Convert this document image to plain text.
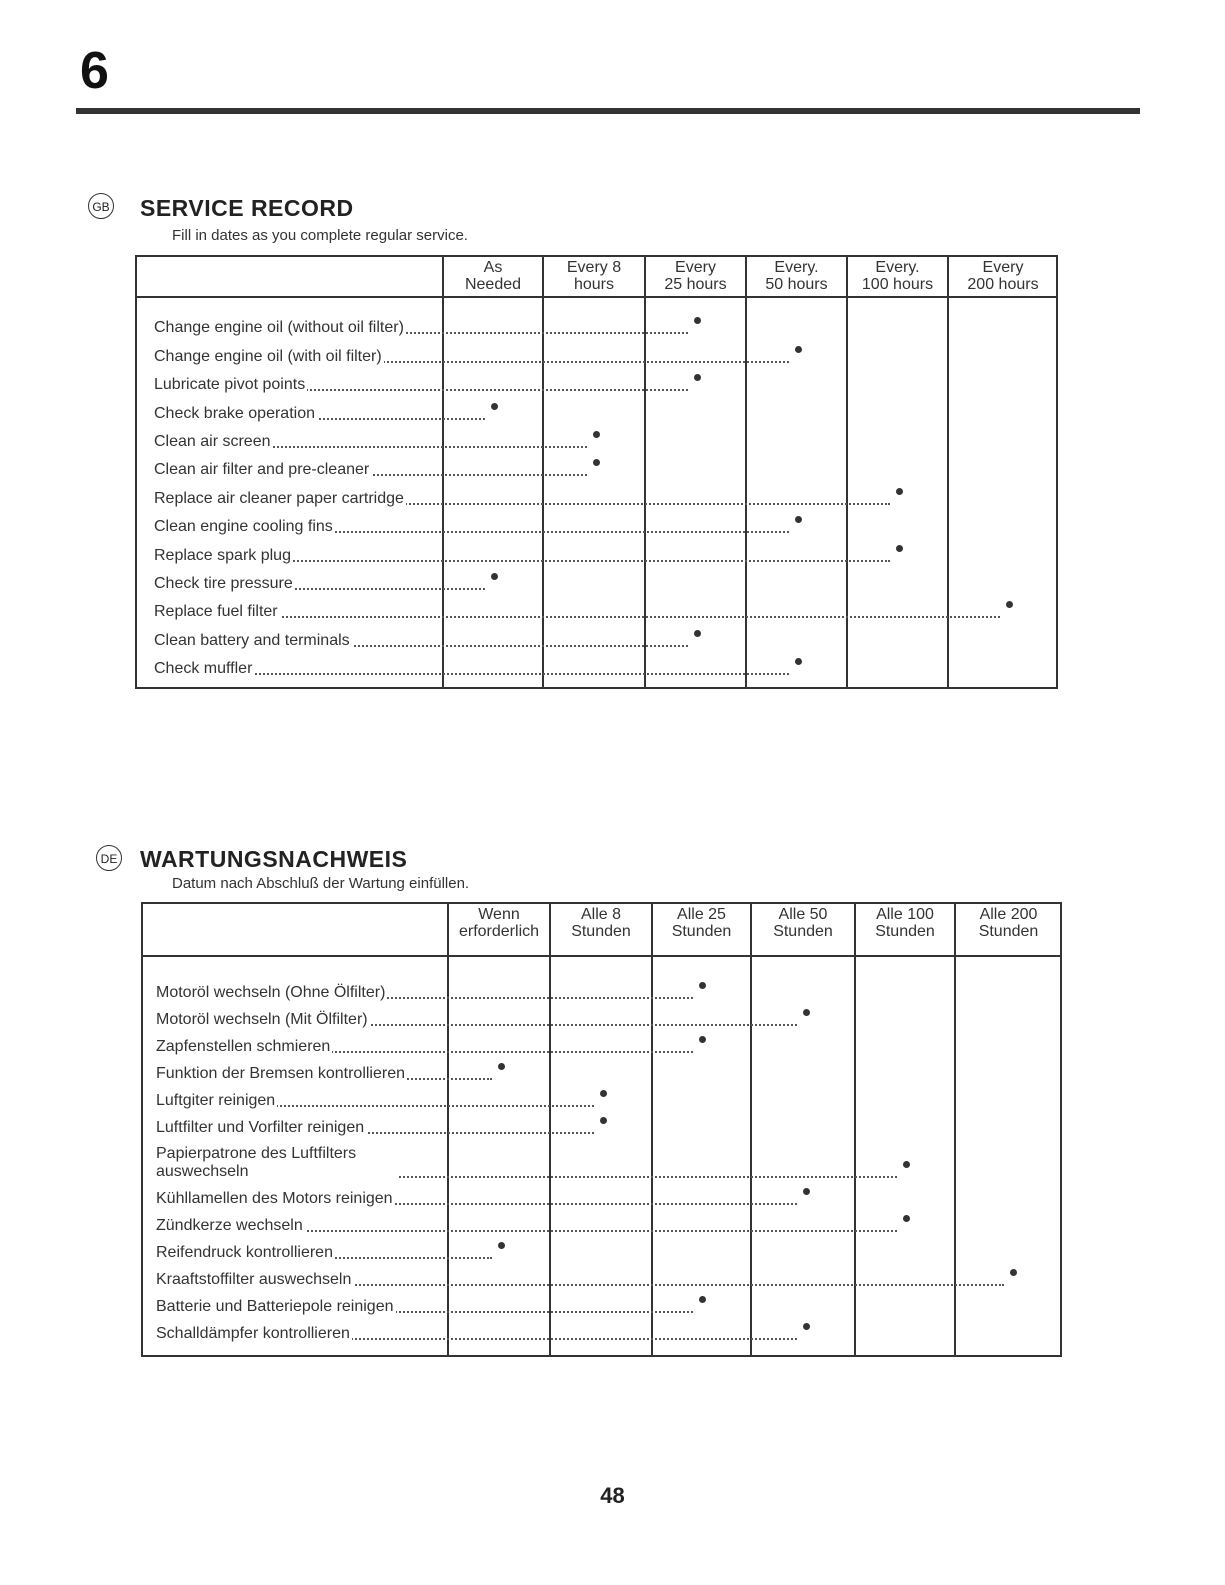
6
GB SERVICE RECORD
Fill in dates as you complete regular service.
As
Needed
Every 8
hours
Every
25 hours
Every.
50 hours
Every.
100 hours
Every
200 hours
Change engine oil (without oil filter)
Change engine oil (with oil filter)
Lubricate pivot points
Check brake operation
Clean air screen
Clean air filter and pre-cleaner
Replace air cleaner paper cartridge
Clean engine cooling fins
Replace spark plug
Check tire pressure
Replace fuel filter
Clean battery and terminals
Check muffler
DE WARTUNGSNACHWEIS
Datum nach Abschluß der Wartung einfüllen.
Wenn
erforderlich
Alle 8
Stunden
Alle 25
Stunden
Alle 50
Stunden
Alle 100
Stunden
Alle 200
Stunden
Motoröl wechseln (Ohne Ölfilter)
Motoröl wechseln (Mit Ölfilter)
Zapfenstellen schmieren
Funktion der Bremsen kontrollieren
Luftgiter reinigen
Luftfilter und Vorfilter reinigen
Papierpatrone des Luftfilters auswechseln
Kühllamellen des Motors reinigen
Zündkerze wechseln
Reifendruck kontrollieren
Kraaftstoffilter auswechseln
Batterie und Batteriepole reinigen
Schalldämpfer kontrollieren
48
